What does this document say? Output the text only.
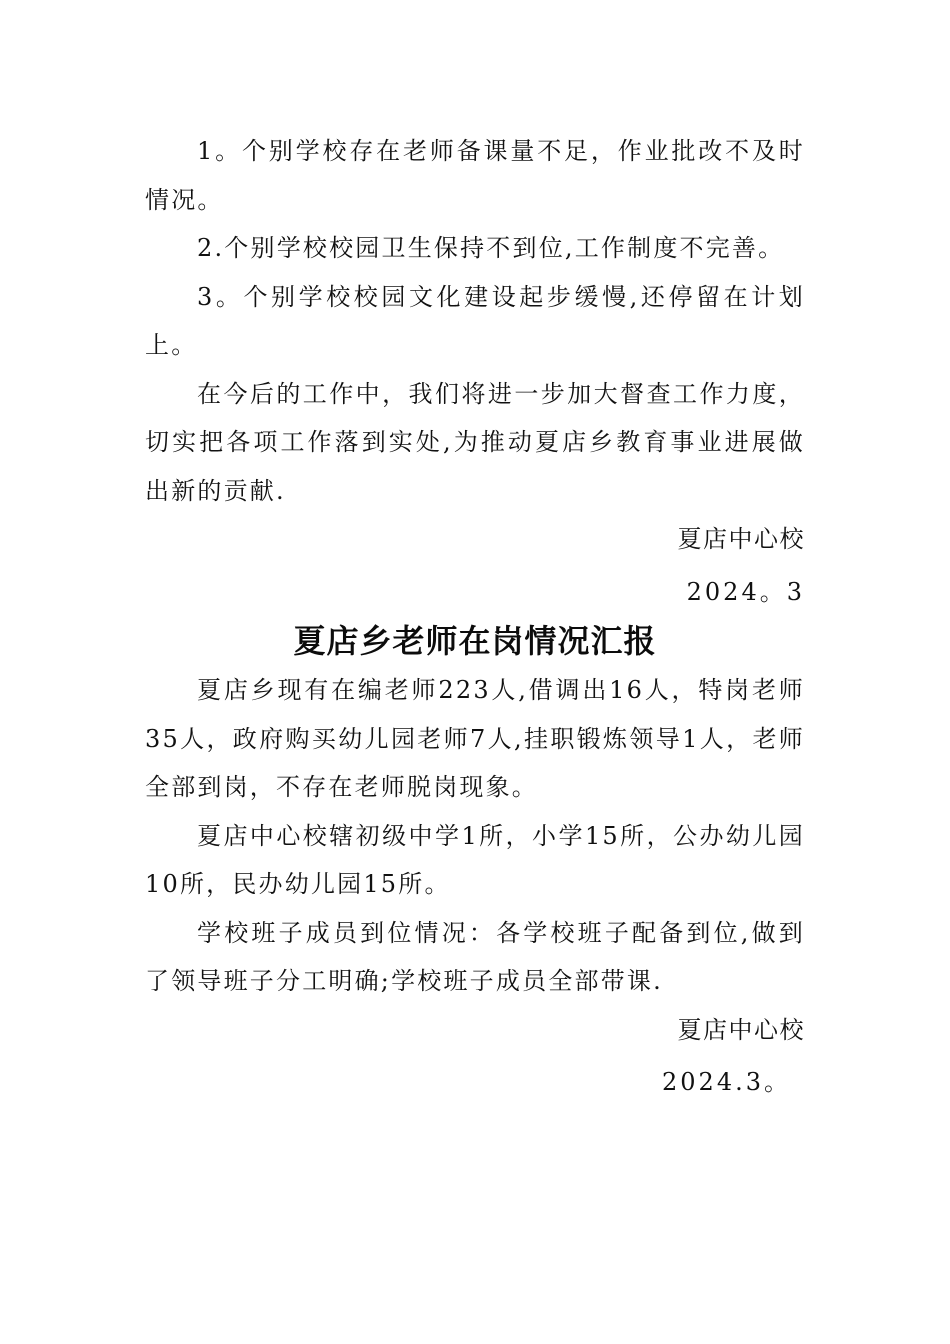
1。个别学校存在老师备课量不足，作业批改不及时情况。

2.个别学校校园卫生保持不到位,工作制度不完善。

3。个别学校校园文化建设起步缓慢,还停留在计划上。

在今后的工作中，我们将进一步加大督查工作力度，切实把各项工作落到实处,为推动夏店乡教育事业进展做出新的贡献.

夏店中心校

2024。3

夏店乡老师在岗情况汇报

夏店乡现有在编老师223人,借调出16人，特岗老师35人，政府购买幼儿园老师7人,挂职锻炼领导1人，老师全部到岗，不存在老师脱岗现象。

夏店中心校辖初级中学1所，小学15所，公办幼儿园10所，民办幼儿园15所。

学校班子成员到位情况：各学校班子配备到位,做到了领导班子分工明确;学校班子成员全部带课.

夏店中心校

2024.3。
